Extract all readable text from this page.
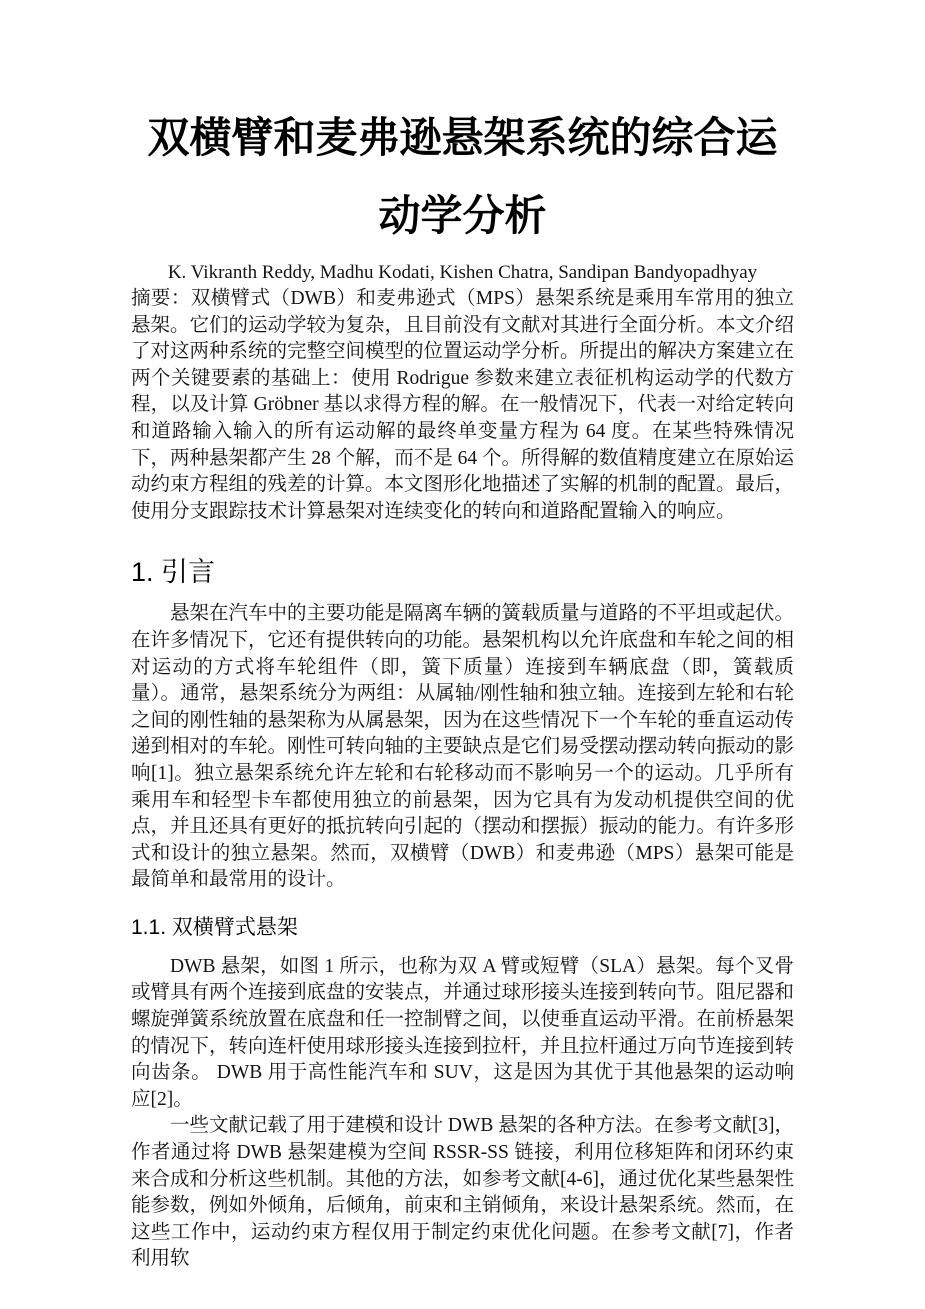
双横臂和麦弗逊悬架系统的综合运动学分析

K. Vikranth Reddy, Madhu Kodati, Kishen Chatra, Sandipan Bandyopadhyay

摘要：双横臂式（DWB）和麦弗逊式（MPS）悬架系统是乘用车常用的独立悬架。它们的运动学较为复杂，且目前没有文献对其进行全面分析。本文介绍了对这两种系统的完整空间模型的位置运动学分析。所提出的解决方案建立在两个关键要素的基础上：使用 Rodrigue 参数来建立表征机构运动学的代数方程，以及计算 Gröbner 基以求得方程的解。在一般情况下，代表一对给定转向和道路输入输入的所有运动解的最终单变量方程为 64 度。在某些特殊情况下，两种悬架都产生 28 个解，而不是 64 个。所得解的数值精度建立在原始运动约束方程组的残差的计算。本文图形化地描述了实解的机制的配置。最后，使用分支跟踪技术计算悬架对连续变化的转向和道路配置输入的响应。

1. 引言

悬架在汽车中的主要功能是隔离车辆的簧载质量与道路的不平坦或起伏。在许多情况下，它还有提供转向的功能。悬架机构以允许底盘和车轮之间的相对运动的方式将车轮组件（即，簧下质量）连接到车辆底盘（即，簧载质量）。通常，悬架系统分为两组：从属轴/刚性轴和独立轴。连接到左轮和右轮之间的刚性轴的悬架称为从属悬架，因为在这些情况下一个车轮的垂直运动传递到相对的车轮。刚性可转向轴的主要缺点是它们易受摆动摆动转向振动的影响[1]。独立悬架系统允许左轮和右轮移动而不影响另一个的运动。几乎所有乘用车和轻型卡车都使用独立的前悬架，因为它具有为发动机提供空间的优点，并且还具有更好的抵抗转向引起的（摆动和摆振）振动的能力。有许多形式和设计的独立悬架。然而，双横臂（DWB）和麦弗逊（MPS）悬架可能是最简单和最常用的设计。

1.1. 双横臂式悬架

DWB 悬架，如图 1 所示，也称为双 A 臂或短臂（SLA）悬架。每个叉骨或臂具有两个连接到底盘的安装点，并通过球形接头连接到转向节。阻尼器和螺旋弹簧系统放置在底盘和任一控制臂之间，以使垂直运动平滑。在前桥悬架的情况下，转向连杆使用球形接头连接到拉杆，并且拉杆通过万向节连接到转向齿条。 DWB 用于高性能汽车和 SUV，这是因为其优于其他悬架的运动响应[2]。

一些文献记载了用于建模和设计 DWB 悬架的各种方法。在参考文献[3]，作者通过将 DWB 悬架建模为空间 RSSR-SS 链接，利用位移矩阵和闭环约束来合成和分析这些机制。其他的方法，如参考文献[4-6]，通过优化某些悬架性能参数，例如外倾角，后倾角，前束和主销倾角，来设计悬架系统。然而，在这些工作中，运动约束方程仅用于制定约束优化问题。在参考文献[7]，作者利用软
